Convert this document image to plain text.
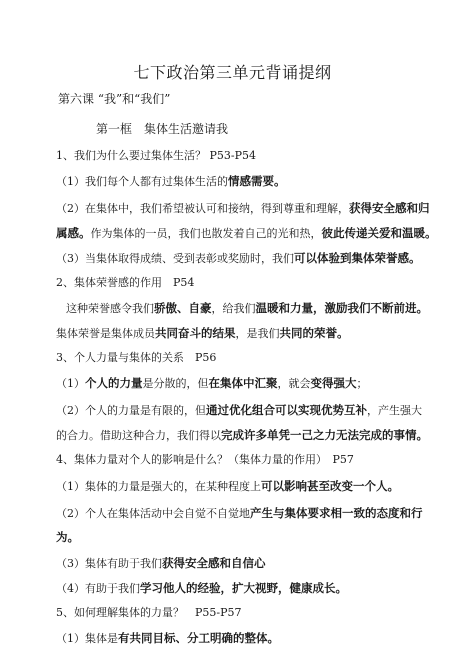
七下政治第三单元背诵提纲
第六课 “我”和“我们”
第一框　集体生活邀请我
1、我们为什么要过集体生活？ P53-P54
（1）我们每个人都有过集体生活的情感需要。
（2）在集体中，我们希望被认可和接纳，得到尊重和理解，获得安全感和归
属感。作为集体的一员，我们也散发着自己的光和热，彼此传递关爱和温暖。
（3）当集体取得成绩、受到表彰或奖励时，我们可以体验到集体荣誉感。
2、集体荣誉感的作用　P54
这种荣誉感令我们骄傲、自豪，给我们温暖和力量，激励我们不断前进。
集体荣誉是集体成员共同奋斗的结果，是我们共同的荣誉。
3、个人力量与集体的关系　P56
（1）个人的力量是分散的，但在集体中汇聚，就会变得强大；
（2）个人的力量是有限的，但通过优化组合可以实现优势互补，产生强大
的合力。借助这种合力，我们得以完成许多单凭一己之力无法完成的事情。
4、集体力量对个人的影响是什么？（集体力量的作用）　P57
（1）集体的力量是强大的，在某种程度上可以影响甚至改变一个人。
（2）个人在集体活动中会自觉不自觉地产生与集体要求相一致的态度和行
为。
（3）集体有助于我们获得安全感和自信心
（4）有助于我们学习他人的经验，扩大视野，健康成长。
5、如何理解集体的力量？　P55-P57
（1）集体是有共同目标、分工明确的整体。
